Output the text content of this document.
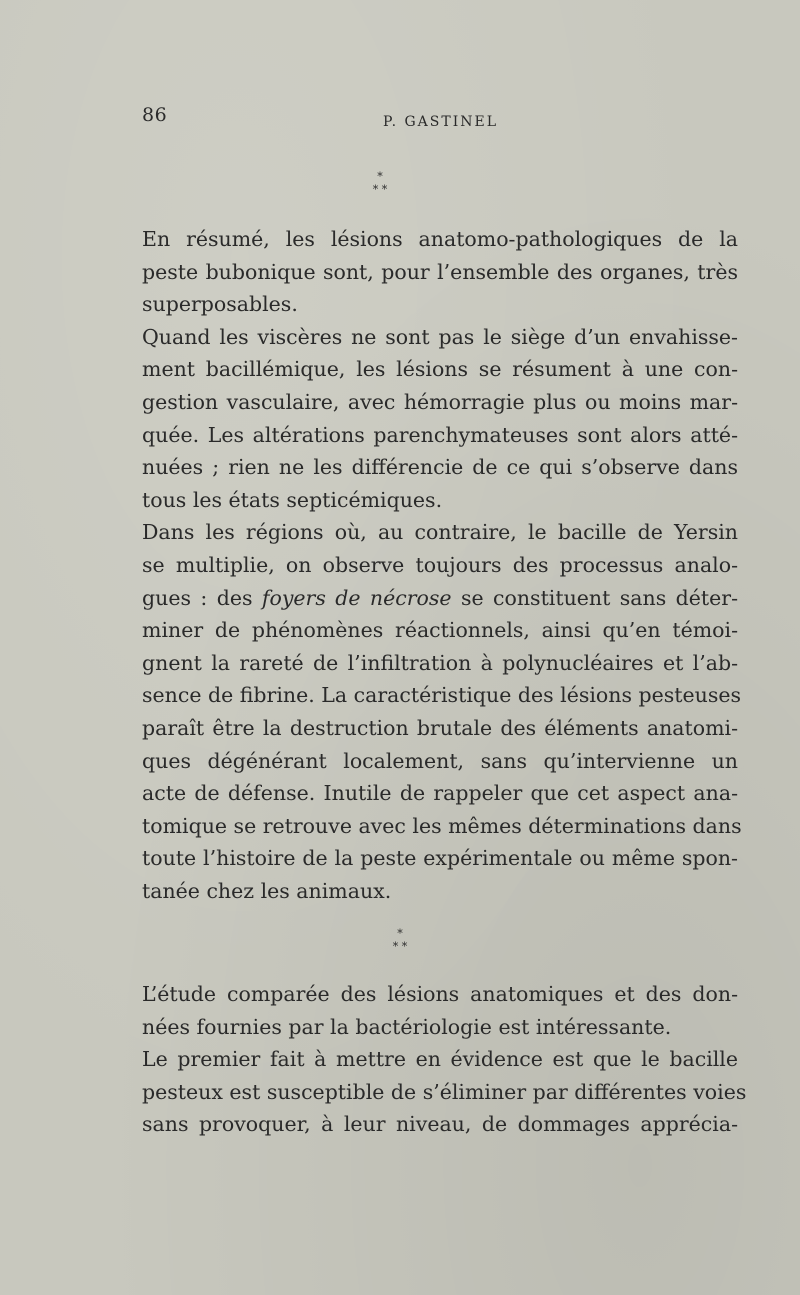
86	P. GASTINEL
*
* *
En résumé, les lésions anatomo-pathologiques de la
peste bubonique sont, pour l’ensemble des organes, très
superposables.
Quand les viscères ne sont pas le siège d’un envahisse-
ment bacillémique, les lésions se résument à une con-
gestion vasculaire, avec hémorragie plus ou moins mar-
quée. Les altérations parenchymateuses sont alors atté-
nuées ; rien ne les différencie de ce qui s’observe dans
tous les états septicémiques.
Dans les régions où, au contraire, le bacille de Yersin
se multiplie, on observe toujours des processus analo-
gues : des foyers de nécrose se constituent sans déter-
miner de phénomènes réactionnels, ainsi qu’en témoi-
gnent la rareté de l’infiltration à polynucléaires et l’ab-
sence de fibrine. La caractéristique des lésions pesteuses
paraît être la destruction brutale des éléments anatomi-
ques dégénérant localement, sans qu’intervienne un
acte de défense. Inutile de rappeler que cet aspect ana-
tomique se retrouve avec les mêmes déterminations dans
toute l’histoire de la peste expérimentale ou même spon-
tanée chez les animaux.
*
* *
L’étude comparée des lésions anatomiques et des don-
nées fournies par la bactériologie est intéressante.
Le premier fait à mettre en évidence est que le bacille
pesteux est susceptible de s’éliminer par différentes voies
sans provoquer, à leur niveau, de dommages apprécia-
